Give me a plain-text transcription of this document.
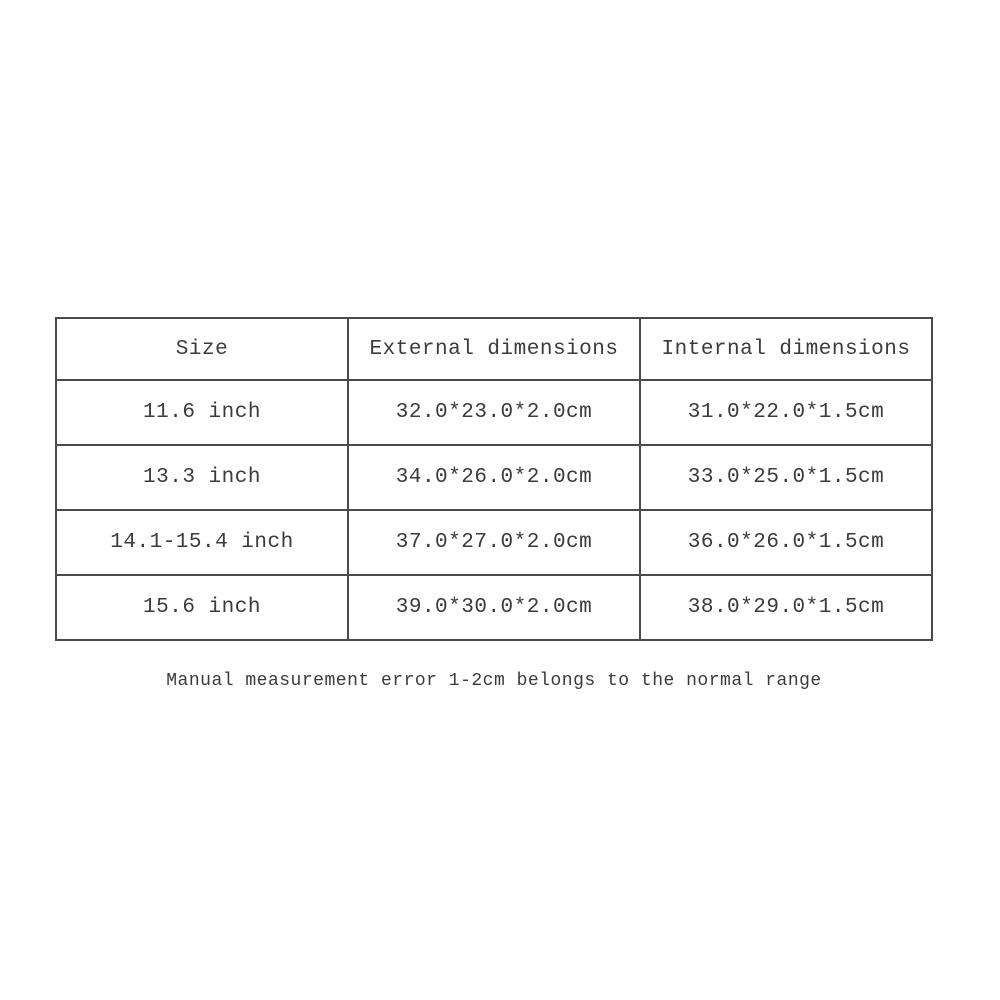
Size	External dimensions	Internal dimensions
11.6 inch	32.0*23.0*2.0cm	31.0*22.0*1.5cm
13.3 inch	34.0*26.0*2.0cm	33.0*25.0*1.5cm
14.1-15.4 inch	37.0*27.0*2.0cm	36.0*26.0*1.5cm
15.6 inch	39.0*30.0*2.0cm	38.0*29.0*1.5cm
Manual measurement error 1-2cm belongs to the normal range
